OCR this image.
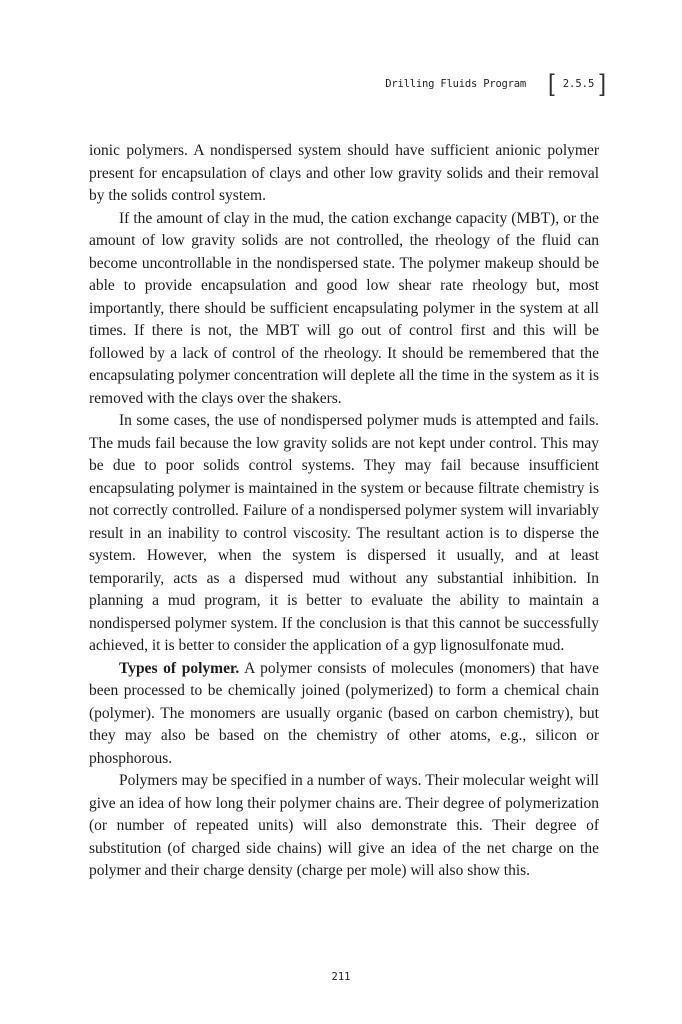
Drilling Fluids Program [ 2.5.5 ]

ionic polymers. A nondispersed system should have sufficient anionic polymer present for encapsulation of clays and other low gravity solids and their removal by the solids control system.

If the amount of clay in the mud, the cation exchange capacity (MBT), or the amount of low gravity solids are not controlled, the rheology of the fluid can become uncontrollable in the nondispersed state. The polymer makeup should be able to provide encapsulation and good low shear rate rheology but, most importantly, there should be sufficient encapsulating polymer in the system at all times. If there is not, the MBT will go out of control first and this will be followed by a lack of control of the rheology. It should be remembered that the encapsulating polymer concentration will deplete all the time in the system as it is removed with the clays over the shakers.

In some cases, the use of nondispersed polymer muds is attempted and fails. The muds fail because the low gravity solids are not kept under control. This may be due to poor solids control systems. They may fail because insufficient encapsulating polymer is maintained in the system or because filtrate chemistry is not correctly controlled. Failure of a nondispersed polymer system will invariably result in an inability to control viscosity. The resultant action is to disperse the system. However, when the system is dispersed it usually, and at least temporarily, acts as a dispersed mud without any substantial inhibition. In planning a mud program, it is better to evaluate the ability to maintain a nondispersed polymer system. If the conclusion is that this cannot be successfully achieved, it is better to consider the application of a gyp lignosulfonate mud.

Types of polymer. A polymer consists of molecules (monomers) that have been processed to be chemically joined (polymerized) to form a chemical chain (polymer). The monomers are usually organic (based on carbon chemistry), but they may also be based on the chemistry of other atoms, e.g., silicon or phosphorous.

Polymers may be specified in a number of ways. Their molecular weight will give an idea of how long their polymer chains are. Their degree of polymerization (or number of repeated units) will also demonstrate this. Their degree of substitution (of charged side chains) will give an idea of the net charge on the polymer and their charge density (charge per mole) will also show this.

211
